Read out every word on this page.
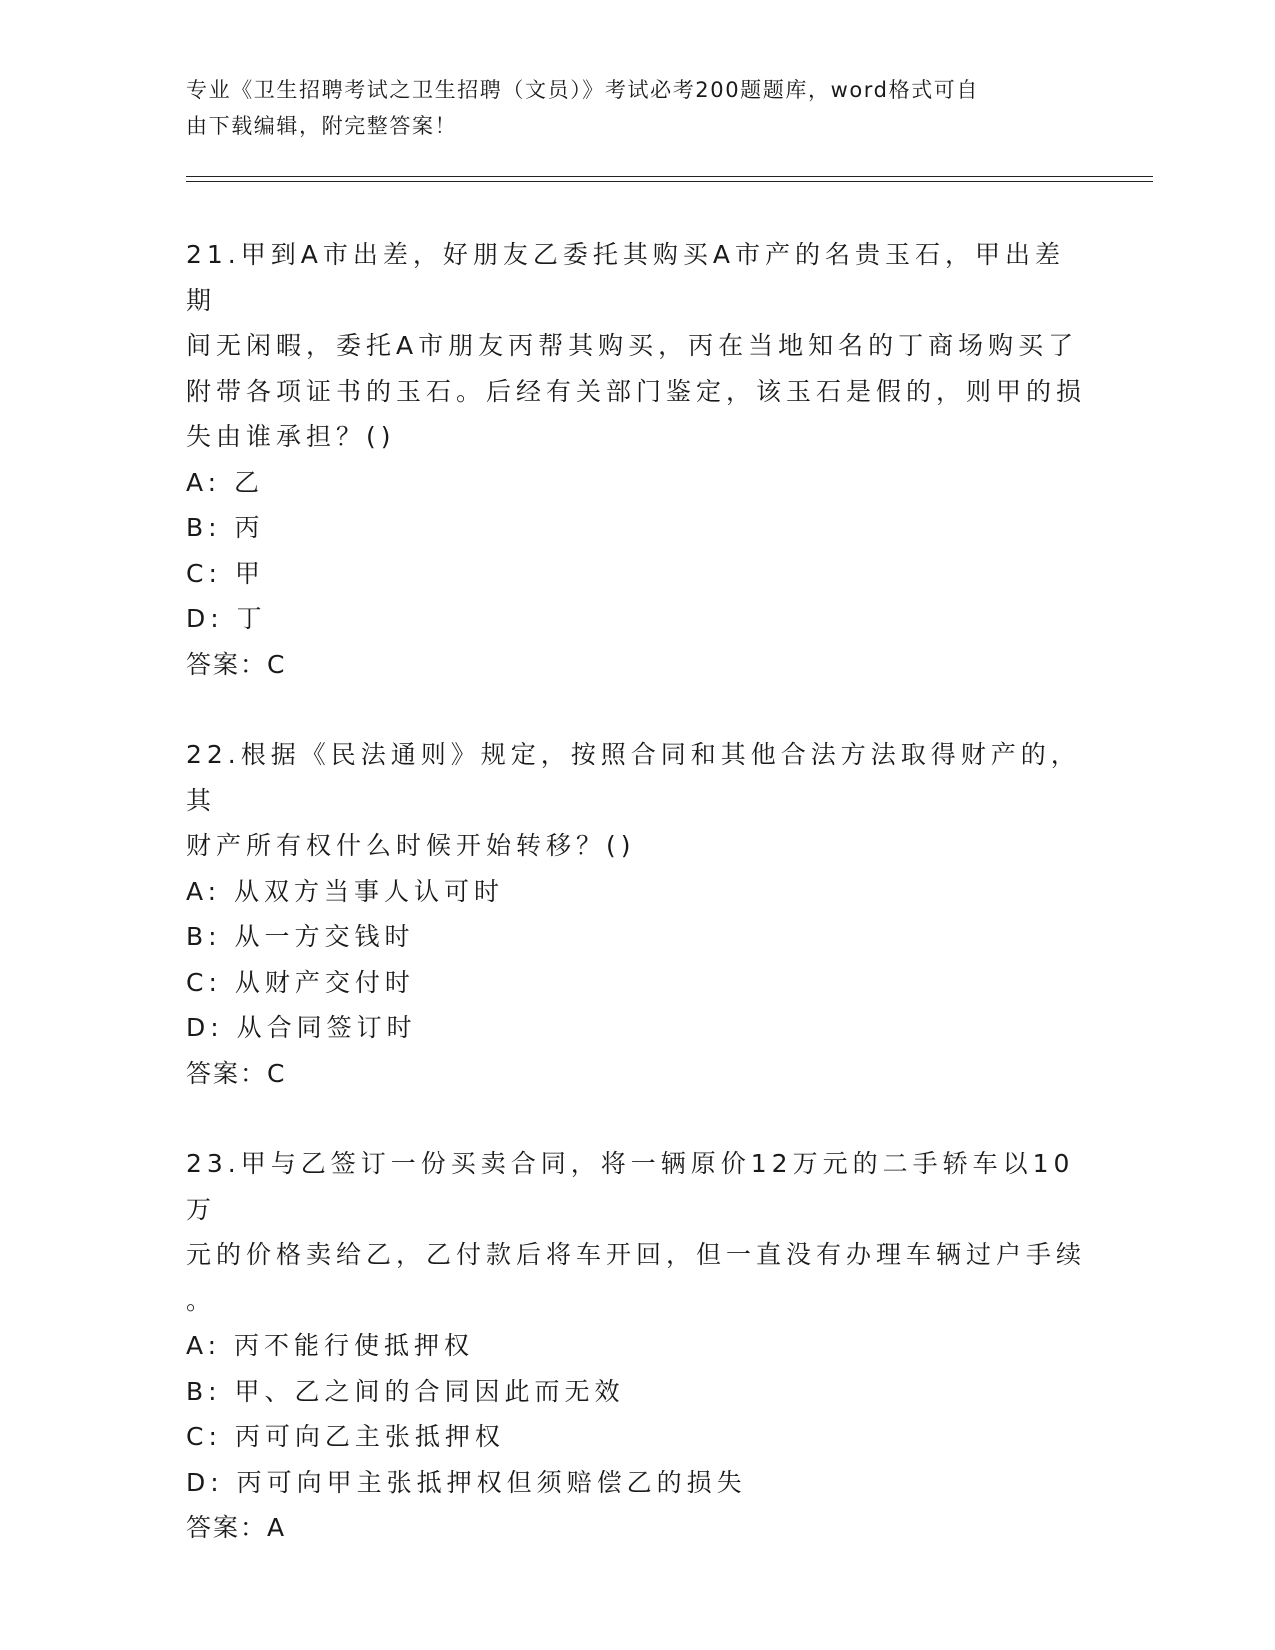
专业《卫生招聘考试之卫生招聘（文员）》考试必考200题题库，word格式可自
由下载编辑，附完整答案！

21.甲到A市出差，好朋友乙委托其购买A市产的名贵玉石，甲出差期

间无闲暇，委托A市朋友丙帮其购买，丙在当地知名的丁商场购买了

附带各项证书的玉石。后经有关部门鉴定，该玉石是假的，则甲的损

失由谁承担？()

A: 乙

B: 丙

C: 甲

D: 丁

答案：C

22.根据《民法通则》规定，按照合同和其他合法方法取得财产的，其

财产所有权什么时候开始转移？()

A: 从双方当事人认可时

B: 从一方交钱时

C: 从财产交付时

D: 从合同签订时

答案：C

23.甲与乙签订一份买卖合同，将一辆原价12万元的二手轿车以10万

元的价格卖给乙，乙付款后将车开回，但一直没有办理车辆过户手续

。

A: 丙不能行使抵押权

B: 甲、乙之间的合同因此而无效

C: 丙可向乙主张抵押权

D: 丙可向甲主张抵押权但须赔偿乙的损失

答案：A
